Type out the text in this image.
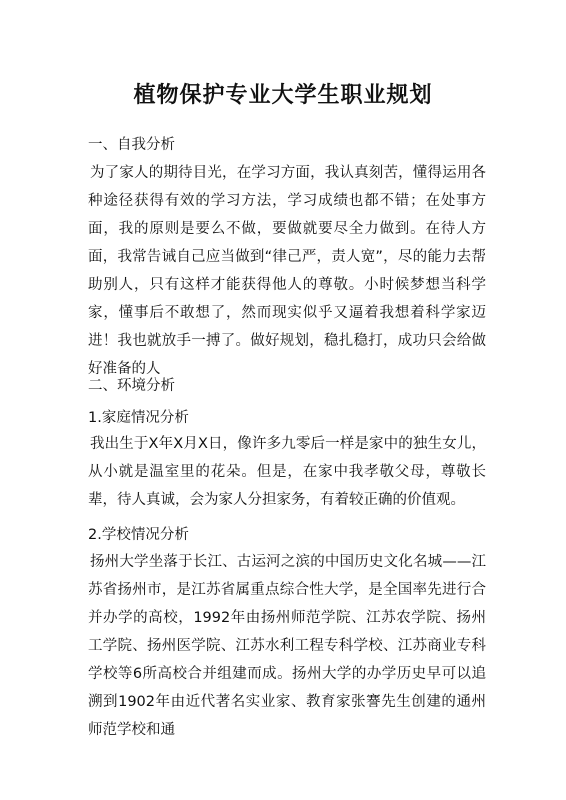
植物保护专业大学生职业规划

一、自我分析

为了家人的期待目光，在学习方面，我认真刻苦，懂得运用各种途径获得有效的学习方法，学习成绩也都不错；在处事方面，我的原则是要么不做，要做就要尽全力做到。在待人方面，我常告诫自己应当做到“律己严，责人宽”，尽的能力去帮助别人，只有这样才能获得他人的尊敬。小时候梦想当科学家，懂事后不敢想了，然而现实似乎又逼着我想着科学家迈进！我也就放手一搏了。做好规划，稳扎稳打，成功只会给做好准备的人

二、环境分析

1.家庭情况分析

我出生于X年X月X日，像许多九零后一样是家中的独生女儿，从小就是温室里的花朵。但是，在家中我孝敬父母，尊敬长辈，待人真诚，会为家人分担家务，有着较正确的价值观。

2.学校情况分析

扬州大学坐落于长江、古运河之滨的中国历史文化名城——江苏省扬州市，是江苏省属重点综合性大学，是全国率先进行合并办学的高校，1992年由扬州师范学院、江苏农学院、扬州工学院、扬州医学院、江苏水利工程专科学校、江苏商业专科学校等6所高校合并组建而成。扬州大学的办学历史早可以追溯到1902年由近代著名实业家、教育家张謇先生创建的通州师范学校和通
